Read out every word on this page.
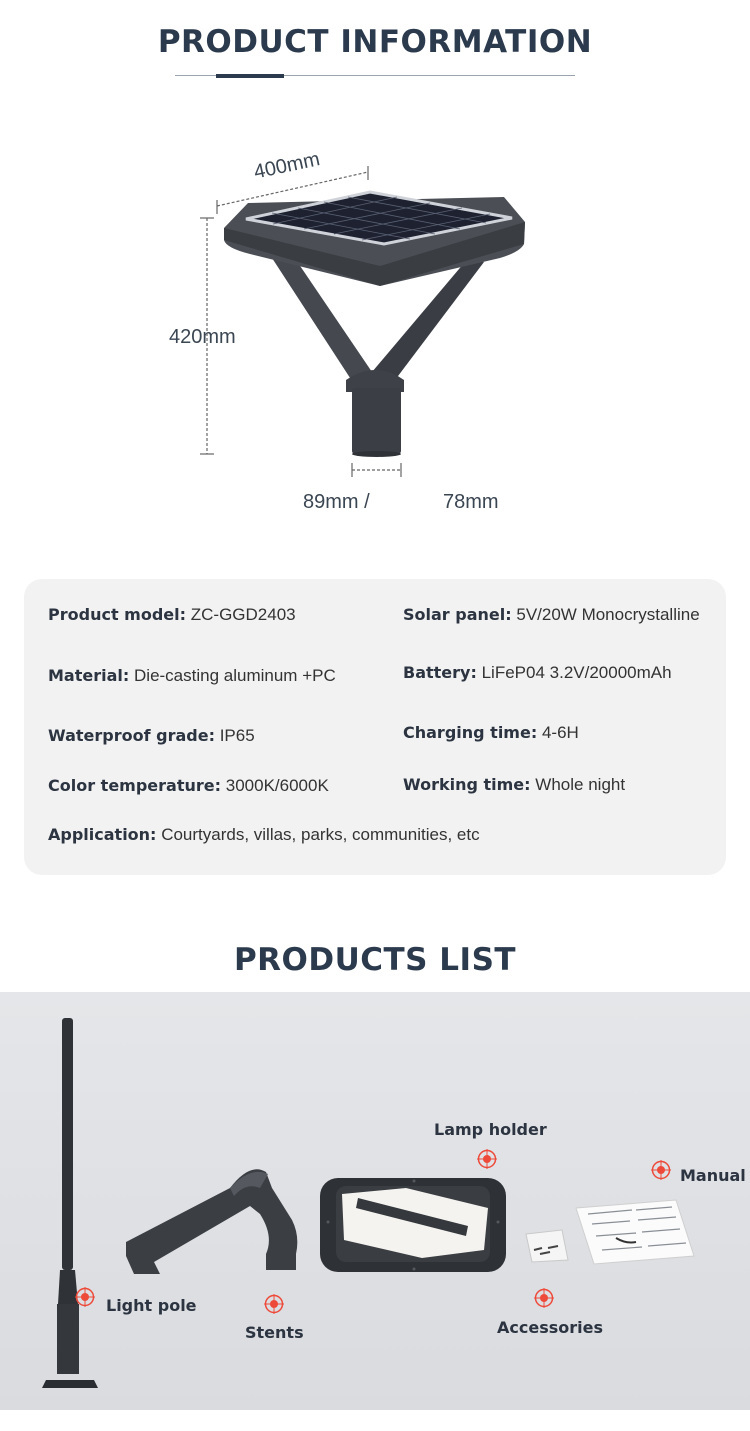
PRODUCT INFORMATION
400mm
420mm
89mm /	78mm
Product model: ZC-GGD2403	Solar panel: 5V/20W Monocrystalline
Material: Die-casting aluminum +PC	Battery: LiFeP04 3.2V/20000mAh
Waterproof grade: IP65	Charging time: 4-6H
Color temperature: 3000K/6000K	Working time: Whole night
Application: Courtyards, villas, parks, communities, etc
PRODUCTS LIST
Lamp holder
Manual
Light pole
Stents	Accessories
